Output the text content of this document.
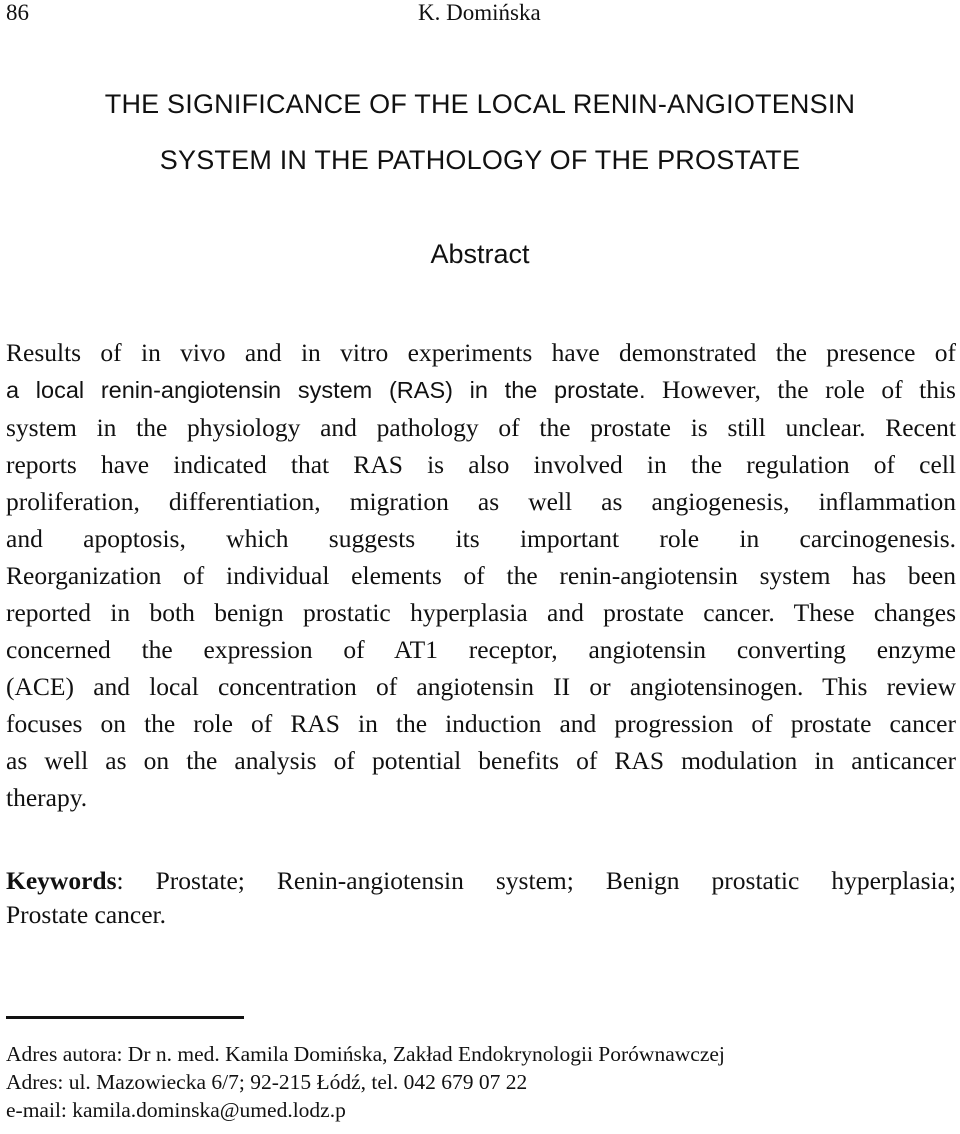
86	K. Domińska
THE SIGNIFICANCE OF THE LOCAL RENIN-ANGIOTENSIN
SYSTEM IN THE PATHOLOGY OF THE PROSTATE
Abstract
Results of in vivo and in vitro experiments have demonstrated the presence of
a local renin-angiotensin system (RAS) in the prostate. However, the role of this
system in the physiology and pathology of the prostate is still unclear. Recent
reports have indicated that RAS is also involved in the regulation of cell
proliferation, differentiation, migration as well as angiogenesis, inflammation
and apoptosis, which suggests its important role in carcinogenesis.
Reorganization of individual elements of the renin-angiotensin system has been
reported in both benign prostatic hyperplasia and prostate cancer. These changes
concerned the expression of AT1 receptor, angiotensin converting enzyme
(ACE) and local concentration of angiotensin II or angiotensinogen. This review
focuses on the role of RAS in the induction and progression of prostate cancer
as well as on the analysis of potential benefits of RAS modulation in anticancer
therapy.
Keywords: Prostate; Renin-angiotensin system; Benign prostatic hyperplasia;
Prostate cancer.
Adres autora: Dr n. med. Kamila Domińska, Zakład Endokrynologii Porównawczej
Adres: ul. Mazowiecka 6/7; 92-215 Łódź, tel. 042 679 07 22
e-mail: kamila.dominska@umed.lodz.p
